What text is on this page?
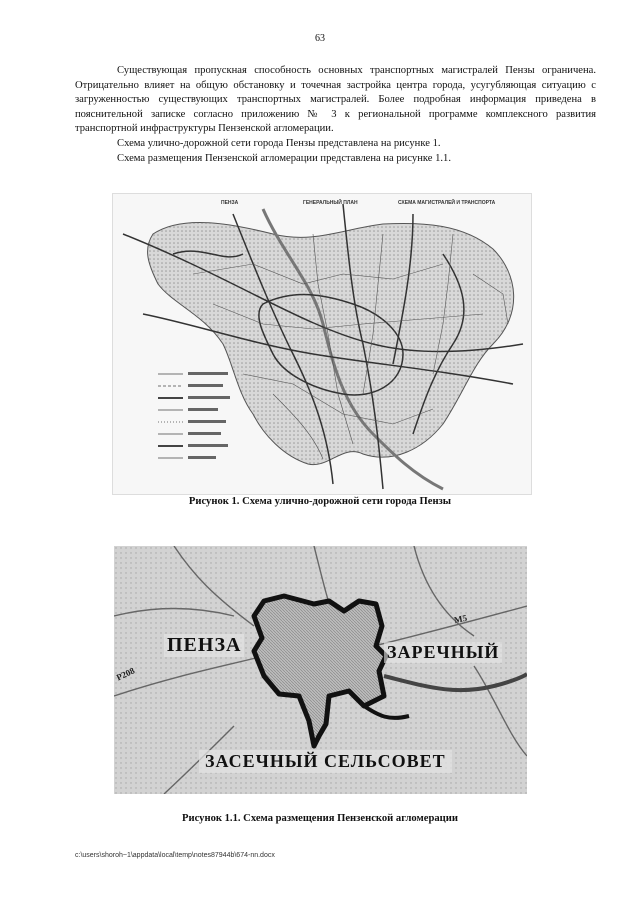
63

Существующая пропускная способность основных транспортных магистралей Пензы ограничена. Отрицательно влияет на общую обстановку и точечная застройка центра города, усугубляющая ситуацию с загруженностью существующих транспортных магистралей. Более подробная информация приведена в пояснительной записке согласно приложению № 3 к региональной программе комплексного развития транспортной инфраструктуры Пензенской агломерации.

Схема улично-дорожной сети города Пензы представлена на рисунке 1.

Схема размещения Пензенской агломерации представлена на рисунке 1.1.

ПЕНЗА	ГЕНЕРАЛЬНЫЙ ПЛАН	СХЕМА МАГИСТРАЛЕЙ И ТРАНСПОРТА
Рисунок 1. Схема улично-дорожной сети города Пензы
ПЕНЗА	ЗАРЕЧНЫЙ
ЗАСЕЧНЫЙ СЕЛЬСОВЕТ
M5
P208
Рисунок 1.1. Схема размещения Пензенской агломерации
c:\users\shoroh~1\appdata\local\temp\notes87944b\674-nn.docx
